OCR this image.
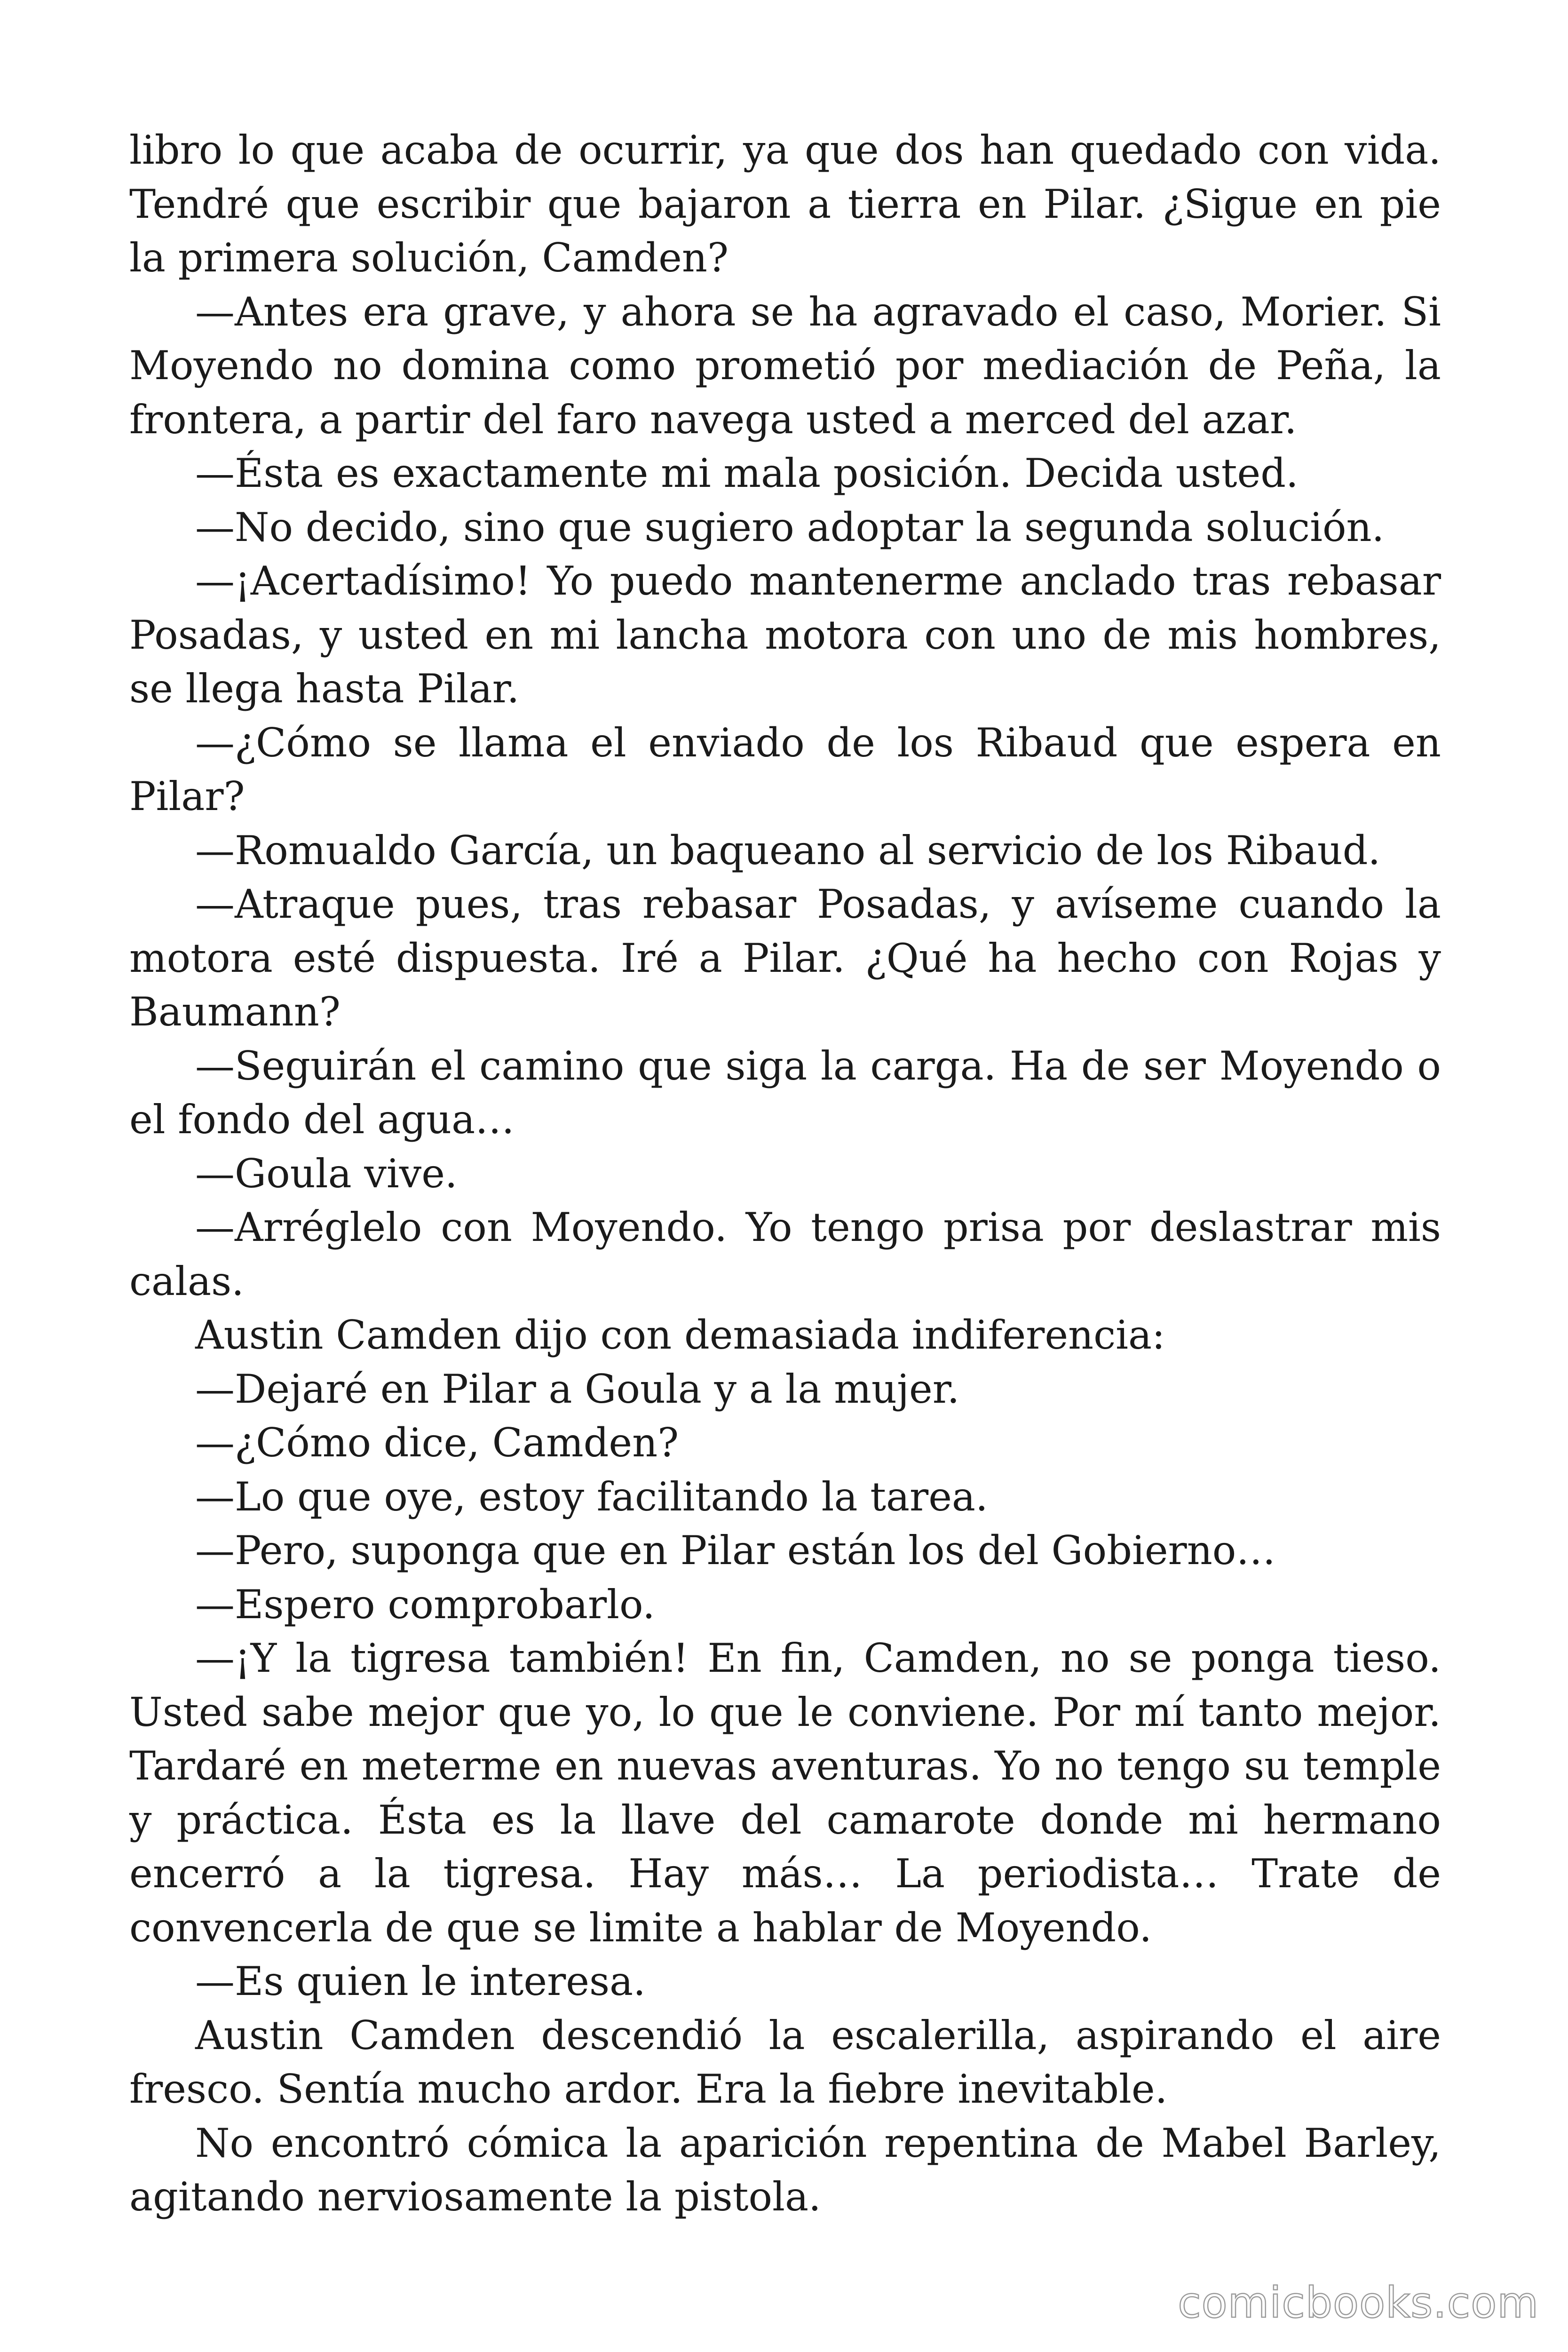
libro lo que acaba de ocurrir, ya que dos han quedado con vida. Tendré que escribir que bajaron a tierra en Pilar. ¿Sigue en pie la primera solución, Camden?

—Antes era grave, y ahora se ha agravado el caso, Morier. Si Moyendo no domina como prometió por mediación de Peña, la frontera, a partir del faro navega usted a merced del azar.

—Ésta es exactamente mi mala posición. Decida usted.

—No decido, sino que sugiero adoptar la segunda solución.

—¡Acertadísimo! Yo puedo mantenerme anclado tras rebasar Posadas, y usted en mi lancha motora con uno de mis hombres, se llega hasta Pilar.

—¿Cómo se llama el enviado de los Ribaud que espera en Pilar?

—Romualdo García, un baqueano al servicio de los Ribaud.

—Atraque pues, tras rebasar Posadas, y avíseme cuando la motora esté dispuesta. Iré a Pilar. ¿Qué ha hecho con Rojas y Baumann?

—Seguirán el camino que siga la carga. Ha de ser Moyendo o el fondo del agua…

—Goula vive.

—Arréglelo con Moyendo. Yo tengo prisa por deslastrar mis calas.

Austin Camden dijo con demasiada indiferencia:

—Dejaré en Pilar a Goula y a la mujer.

—¿Cómo dice, Camden?

—Lo que oye, estoy facilitando la tarea.

—Pero, suponga que en Pilar están los del Gobierno…

—Espero comprobarlo.

—¡Y la tigresa también! En fin, Camden, no se ponga tieso. Usted sabe mejor que yo, lo que le conviene. Por mí tanto mejor. Tardaré en meterme en nuevas aventuras. Yo no tengo su temple y práctica. Ésta es la llave del camarote donde mi hermano encerró a la tigresa. Hay más… La periodista… Trate de convencerla de que se limite a hablar de Moyendo.

—Es quien le interesa.

Austin Camden descendió la escalerilla, aspirando el aire fresco. Sentía mucho ardor. Era la fiebre inevitable.

No encontró cómica la aparición repentina de Mabel Barley, agitando nerviosamente la pistola.

comicbooks.com
